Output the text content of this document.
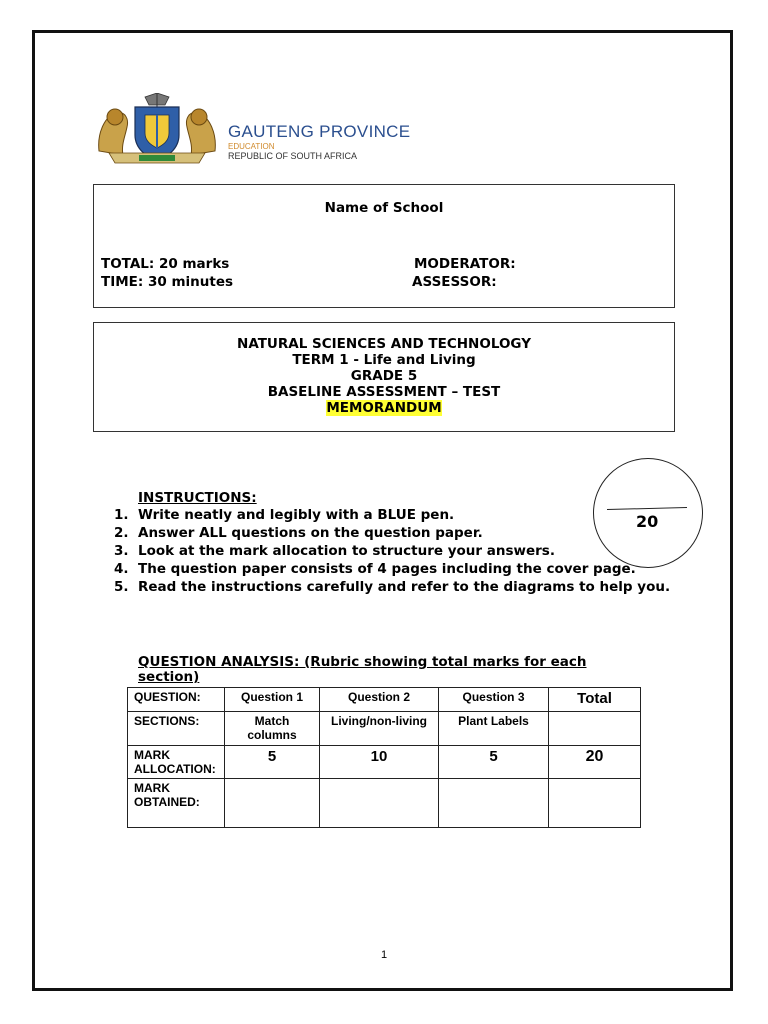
GAUTENG PROVINCE
EDUCATION
REPUBLIC OF SOUTH AFRICA
Name of School
TOTAL: 20 marks
TIME: 30 minutes
MODERATOR:
ASSESSOR:
NATURAL SCIENCES AND TECHNOLOGY
TERM 1 - Life and Living
GRADE 5
BASELINE ASSESSMENT – TEST
MEMORANDUM
20
INSTRUCTIONS:
1. Write neatly and legibly with a BLUE pen.
2. Answer ALL questions on the question paper.
3. Look at the mark allocation to structure your answers.
4. The question paper consists of 4 pages including the cover page.
5. Read the instructions carefully and refer to the diagrams to help you.
QUESTION ANALYSIS: (Rubric showing total marks for each section)
QUESTION:	Question 1	Question 2	Question 3	Total
SECTIONS:	Match columns	Living/non-living	Plant Labels	
MARK ALLOCATION:	5	10	5	20
MARK OBTAINED:				
1
